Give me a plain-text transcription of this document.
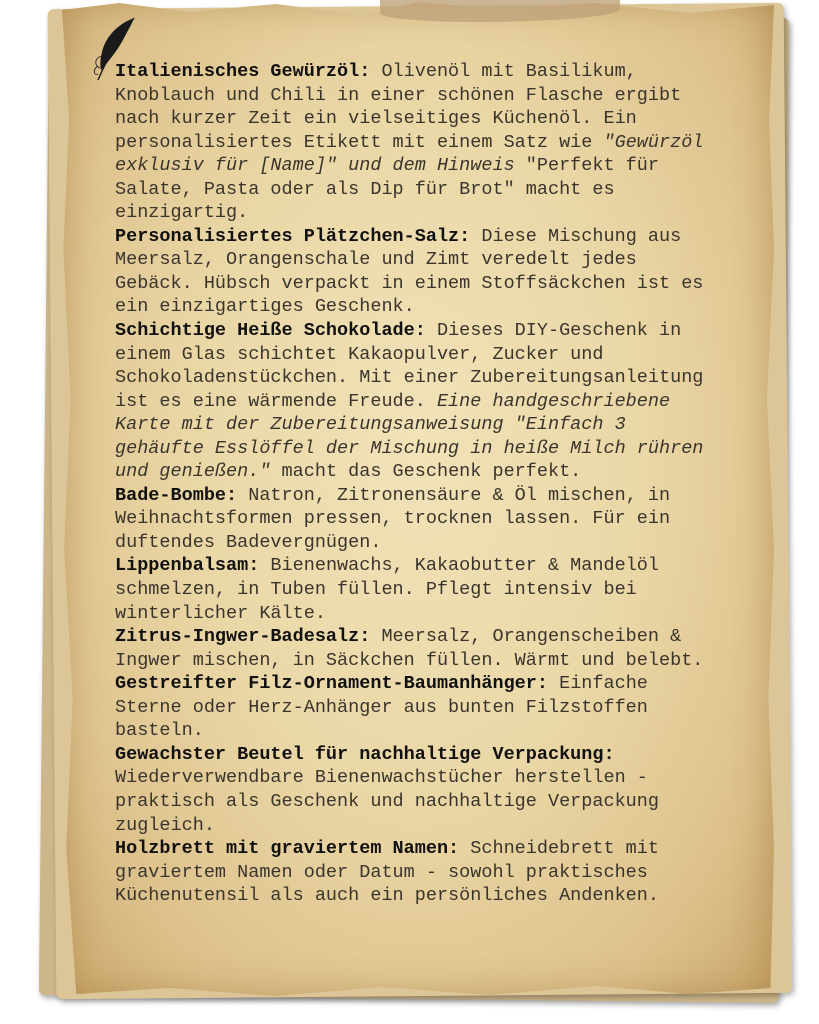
Italienisches Gewürzöl: Olivenöl mit Basilikum, Knoblauch und Chili in einer schönen Flasche ergibt nach kurzer Zeit ein vielseitiges Küchenöl. Ein personalisiertes Etikett mit einem Satz wie "Gewürzöl exklusiv für [Name]" und dem Hinweis "Perfekt für Salate, Pasta oder als Dip für Brot" macht es einzigartig.

Personalisiertes Plätzchen-Salz: Diese Mischung aus Meersalz, Orangenschale und Zimt veredelt jedes Gebäck. Hübsch verpackt in einem Stoffsäckchen ist es ein einzigartiges Geschenk.

Schichtige Heiße Schokolade: Dieses DIY-Geschenk in einem Glas schichtet Kakaopulver, Zucker und Schokoladenstückchen. Mit einer Zubereitungsanleitung ist es eine wärmende Freude. Eine handgeschriebene Karte mit der Zubereitungsanweisung "Einfach 3 gehäufte Esslöffel der Mischung in heiße Milch rühren und genießen." macht das Geschenk perfekt.

Bade-Bombe: Natron, Zitronensäure & Öl mischen, in Weihnachtsformen pressen, trocknen lassen. Für ein duftendes Badevergnügen.

Lippenbalsam: Bienenwachs, Kakaobutter & Mandelöl schmelzen, in Tuben füllen. Pflegt intensiv bei winterlicher Kälte.

Zitrus-Ingwer-Badesalz: Meersalz, Orangenscheiben & Ingwer mischen, in Säckchen füllen. Wärmt und belebt.

Gestreifter Filz-Ornament-Baumanhänger: Einfache Sterne oder Herz-Anhänger aus bunten Filzstoffen basteln.

Gewachster Beutel für nachhaltige Verpackung: Wiederverwendbare Bienenwachstücher herstellen - praktisch als Geschenk und nachhaltige Verpackung zugleich.

Holzbrett mit graviertem Namen: Schneidebrett mit graviertem Namen oder Datum - sowohl praktisches Küchenutensil als auch ein persönliches Andenken.
